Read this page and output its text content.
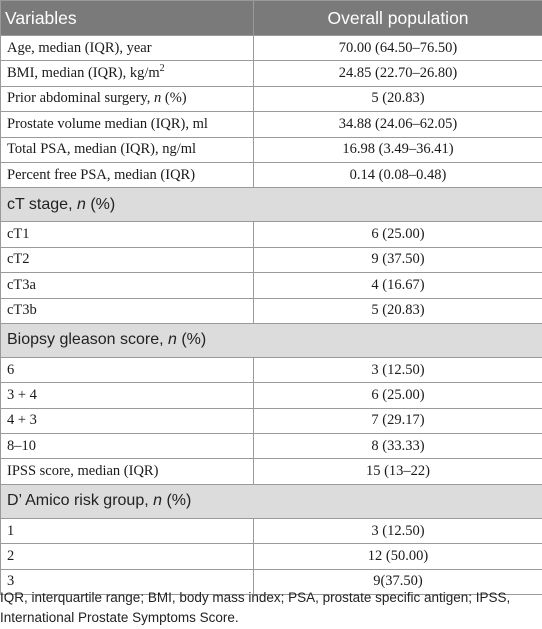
Variables	Overall population
Age, median (IQR), year	70.00 (64.50–76.50)
BMI, median (IQR), $kg/m^2$	24.85 (22.70–26.80)
Prior abdominal surgery, n (%)	5 (20.83)
Prostate volume median (IQR), ml	34.88 (24.06–62.05)
Total PSA, median (IQR), ng/ml	16.98 (3.49–36.41)
Percent free PSA, median (IQR)	0.14 (0.08–0.48)
cT stage, n (%)	
cT1	6 (25.00)
cT2	9 (37.50)
cT3a	4 (16.67)
cT3b	5 (20.83)
Biopsy gleason score, n (%)	
6	3 (12.50)
3 + 4	6 (25.00)
4 + 3	7 (29.17)
8–10	8 (33.33)
IPSS score, median (IQR)	15 (13–22)
D’ Amico risk group, n (%)	
1	3 (12.50)
2	12 (50.00)
3	9(37.50)
IQR, interquartile range; BMI, body mass index; PSA, prostate specific antigen; IPSS, International Prostate Symptoms Score.
